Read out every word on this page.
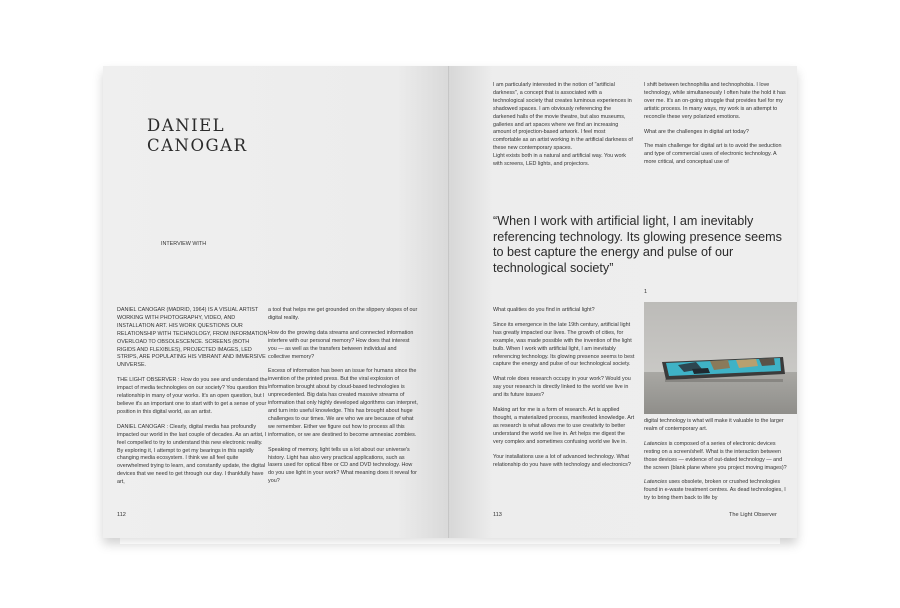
DANIEL
CANOGAR
INTERVIEW WITH

DANIEL CANOGAR (MADRID, 1964) IS A VISUAL ARTIST WORKING WITH PHOTOGRAPHY, VIDEO, AND INSTALLATION ART. HIS WORK QUESTIONS OUR RELATIONSHIP WITH TECHNOLOGY, FROM INFORMATION OVERLOAD TO OBSOLESCENCE. SCREENS (BOTH RIGIDS AND FLEXIBLES), PROJECTED IMAGES, LED STRIPS, ARE POPULATING HIS VIBRANT AND IMMERSIVE UNIVERSE.

THE LIGHT OBSERVER : How do you see and understand the impact of media technologies on our society? You question this relationship in many of your works. It's an open question, but I believe it's an important one to start with to get a sense of your position in this digital world, as an artist.

DANIEL CANOGAR : Clearly, digital media has profoundly impacted our world in the last couple of decades. As an artist, I feel compelled to try to understand this new electronic reality. By exploring it, I attempt to get my bearings in this rapidly changing media ecosystem. I think we all feel quite overwhelmed trying to learn, and constantly update, the digital devices that we need to get through our day. I thankfully have art,

a tool that helps me get grounded on the slippery slopes of our digital reality.

How do the growing data streams and connected information interfere with our personal memory? How does that interest you — as well as the transfers between individual and collective memory?

Excess of information has been an issue for humans since the invention of the printed press. But the viral explosion of information brought about by cloud-based technologies is unprecedented. Big data has created massive streams of information that only highly developed algorithms can interpret, and turn into useful knowledge. This has brought about huge challenges to our times. We are who we are because of what we remember. Either we figure out how to process all this information, or we are destined to become amnesiac zombies.

Speaking of memory, light tells us a lot about our universe's history. Light has also very practical applications, such as lasers used for optical fibre or CD and DVD technology. How do you use light in your work? What meaning does it reveal for you?

112

I am particularly interested in the notion of "artificial darkness", a concept that is associated with a technological society that creates luminous experiences in shadowed spaces. I am obviously referencing the darkened halls of the movie theatre, but also museums, galleries and art spaces where we find an increasing amount of projection-based artwork. I feel most comfortable as an artist working in the artificial darkness of these new contemporary spaces.

Light exists both in a natural and artificial way. You work with screens, LED lights, and projectors.

I shift between technophilia and technophobia. I love technology, while simultaneously I often hate the hold it has over me. It's an on-going struggle that provides fuel for my artistic process. In many ways, my work is an attempt to reconcile these very polarized emotions.

What are the challenges in digital art today?

The main challenge for digital art is to avoid the seduction and type of commercial uses of electronic technology. A more critical, and conceptual use of

“When I work with artificial light, I am inevitably referencing technology. Its glowing presence seems to best capture the energy and pulse of our technological society”
1

What qualities do you find in artificial light?

Since its emergence in the late 19th century, artificial light has greatly impacted our lives. The growth of cities, for example, was made possible with the invention of the light bulb. When I work with artificial light, I am inevitably referencing technology. Its glowing presence seems to best capture the energy and pulse of our technological society.

What role does research occupy in your work? Would you say your research is directly linked to the world we live in and its future issues?

Making art for me is a form of research. Art is applied thought, a materialized process, manifested knowledge. Art as research is what allows me to use creativity to better understand the world we live in. Art helps me digest the very complex and sometimes confusing world we live in.

Your installations use a lot of advanced technology. What relationship do you have with technology and electronics?

digital technology is what will make it valuable to the larger realm of contemporary art.

Latencies is composed of a series of electronic devices resting on a screen/shelf. What is the interaction between those devices — evidence of out-dated technology — and the screen (blank plane where you project moving images)?

Latencies uses obsolete, broken or crushed technologies found in e-waste treatment centres. As dead technologies, I try to bring them back to life by

113	The Light Observer
